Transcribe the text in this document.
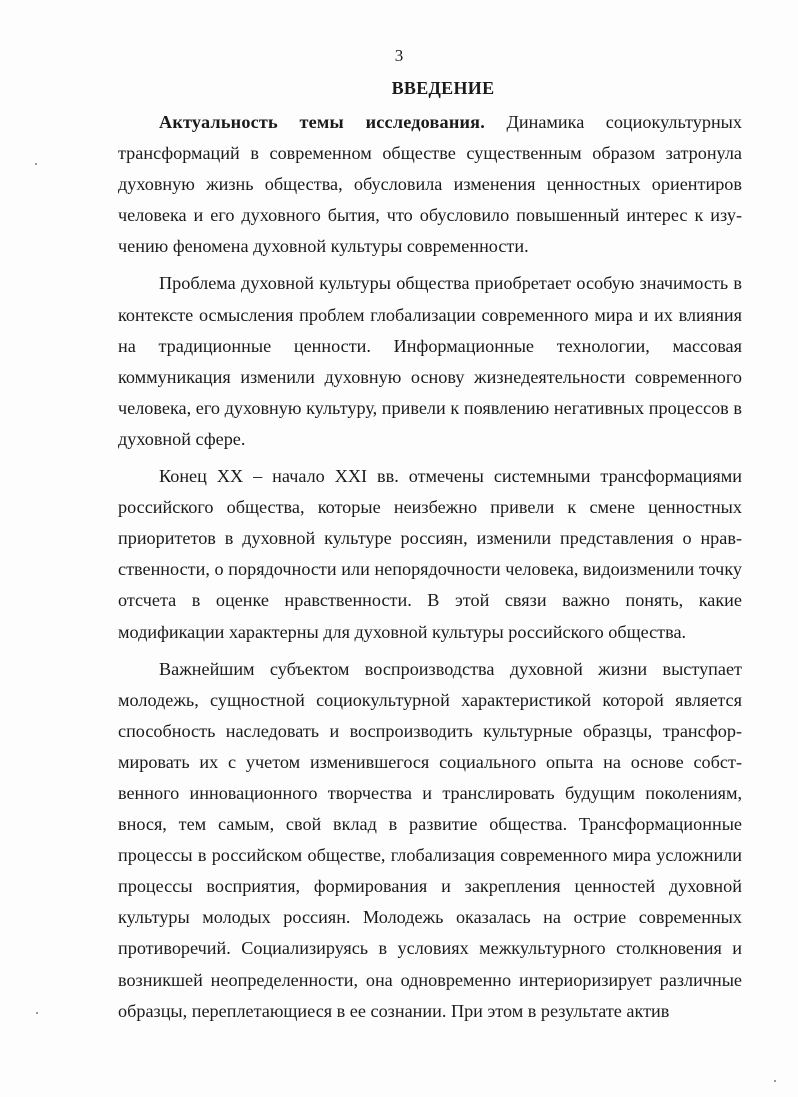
3
ВВЕДЕНИЕ

Актуальность темы исследования. Динамика социокультурных трансформаций в современном обществе существенным образом затронула духовную жизнь общества, обусловила изменения ценностных ориентиров человека и его духовного бытия, что обусловило повышенный интерес к изучению феномена духовной культуры современности.

Проблема духовной культуры общества приобретает особую значимость в контексте осмысления проблем глобализации современного мира и их влияния на традиционные ценности. Информационные технологии, массовая коммуникация изменили духовную основу жизнедеятельности современного человека, его духовную культуру, привели к появлению негативных процессов в духовной сфере.

Конец XX – начало XXI вв. отмечены системными трансформациями российского общества, которые неизбежно привели к смене ценностных приоритетов в духовной культуре россиян, изменили представления о нравственности, о порядочности или непорядочности человека, видоизменили точку отсчета в оценке нравственности. В этой связи важно понять, какие модификации характерны для духовной культуры российского общества.

Важнейшим субъектом воспроизводства духовной жизни выступает молодежь, сущностной социокультурной характеристикой которой является способность наследовать и воспроизводить культурные образцы, трансформировать их с учетом изменившегося социального опыта на основе собственного инновационного творчества и транслировать будущим поколениям, внося, тем самым, свой вклад в развитие общества. Трансформационные процессы в российском обществе, глобализация современного мира усложнили процессы восприятия, формирования и закрепления ценностей духовной культуры молодых россиян. Молодежь оказалась на острие современных противоречий. Социализируясь в условиях межкультурного столкновения и возникшей неопределенности, она одновременно интериоризирует различные образцы, переплетающиеся в ее сознании. При этом в результате актив
